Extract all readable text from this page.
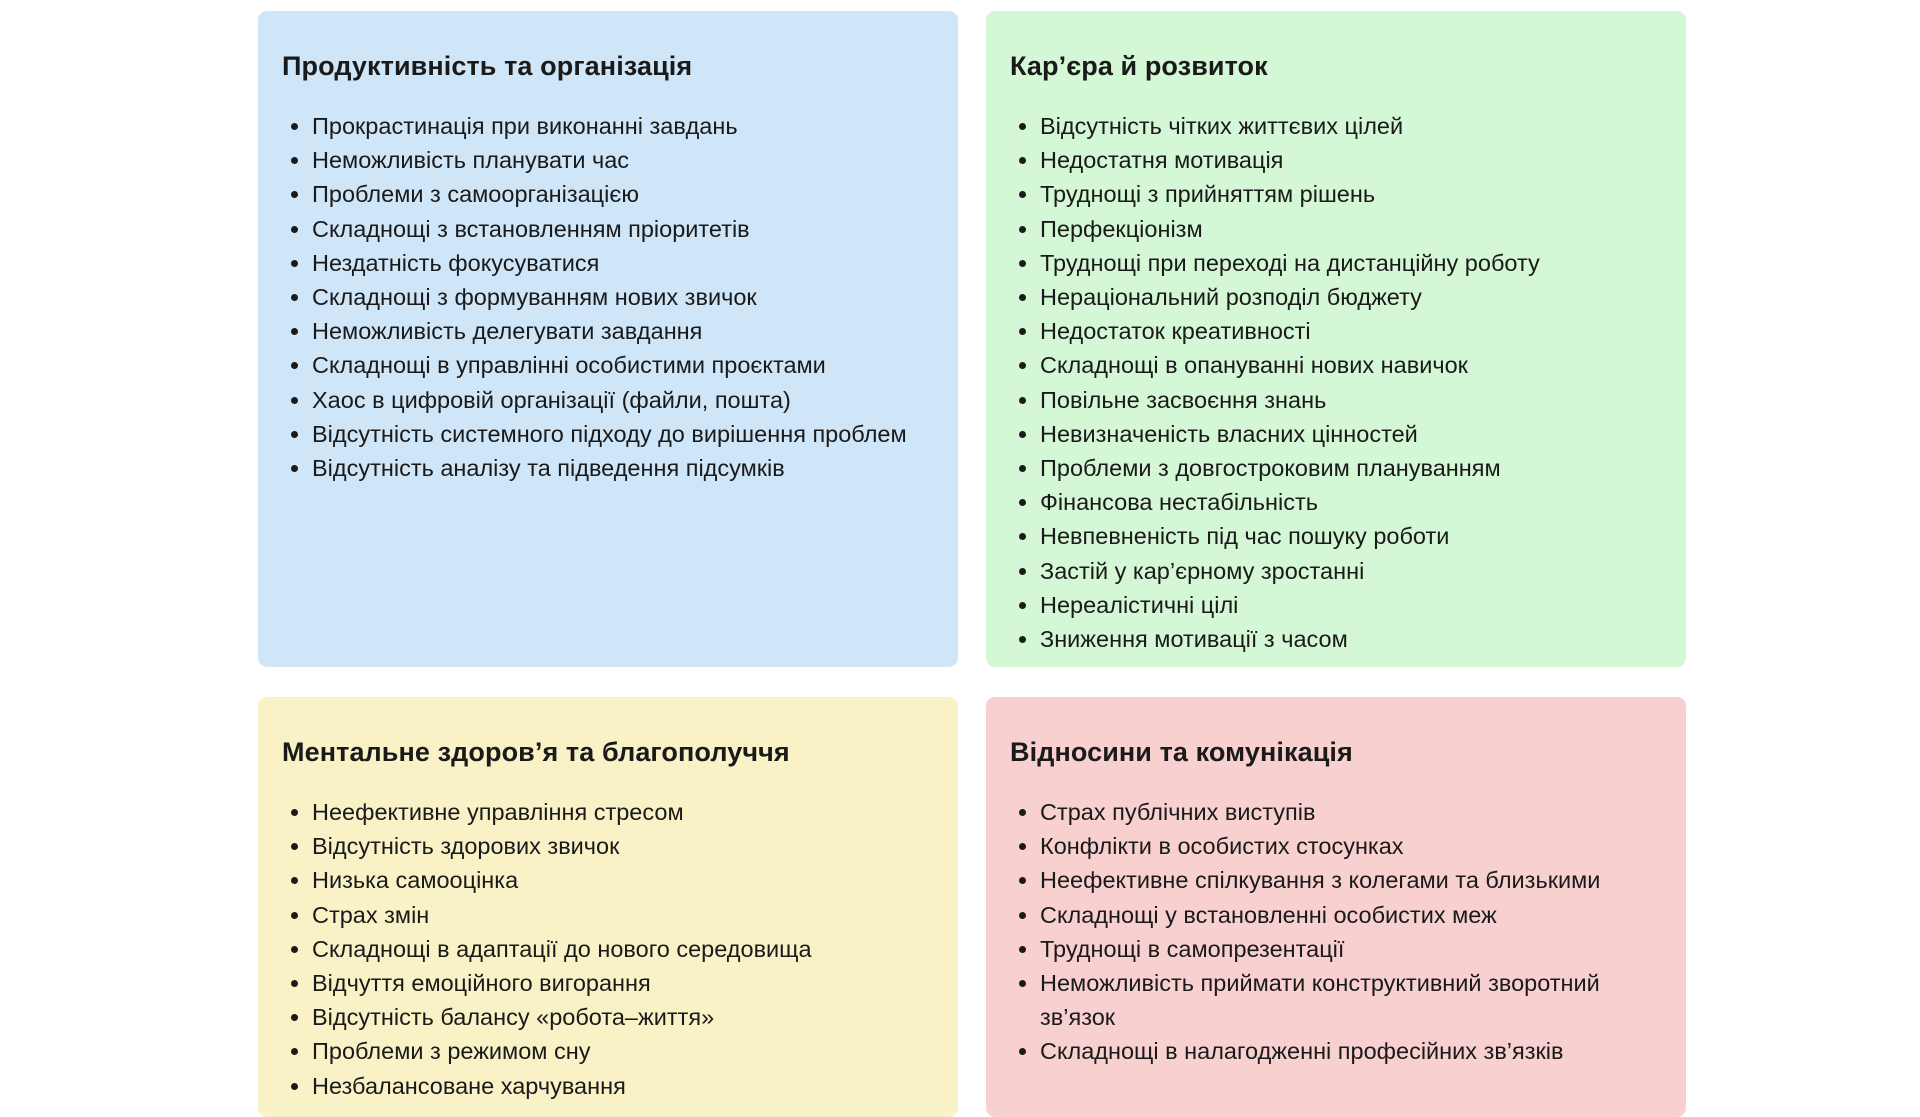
Продуктивність та організація
Прокрастинація при виконанні завдань
Неможливість планувати час
Проблеми з самоорганізацією
Складнощі з встановленням пріоритетів
Нездатність фокусуватися
Складнощі з формуванням нових звичок
Неможливість делегувати завдання
Складнощі в управлінні особистими проєктами
Хаос в цифровій організації (файли, пошта)
Відсутність системного підходу до вирішення проблем
Відсутність аналізу та підведення підсумків
Кар’єра й розвиток
Відсутність чітких життєвих цілей
Недостатня мотивація
Труднощі з прийняттям рішень
Перфекціонізм
Труднощі при переході на дистанційну роботу
Нераціональний розподіл бюджету
Недостаток креативності
Складнощі в опануванні нових навичок
Повільне засвоєння знань
Невизначеність власних цінностей
Проблеми з довгостроковим плануванням
Фінансова нестабільність
Невпевненість під час пошуку роботи
Застій у кар’єрному зростанні
Нереалістичні цілі
Зниження мотивації з часом
Ментальне здоров’я та благополуччя
Неефективне управління стресом
Відсутність здорових звичок
Низька самооцінка
Страх змін
Складнощі в адаптації до нового середовища
Відчуття емоційного вигорання
Відсутність балансу «робота–життя»
Проблеми з режимом сну
Незбалансоване харчування
Відносини та комунікація
Страх публічних виступів
Конфлікти в особистих стосунках
Неефективне спілкування з колегами та близькими
Складнощі у встановленні особистих меж
Труднощі в самопрезентації
Неможливість приймати конструктивний зворотний зв’язок
Складнощі в налагодженні професійних зв’язків
